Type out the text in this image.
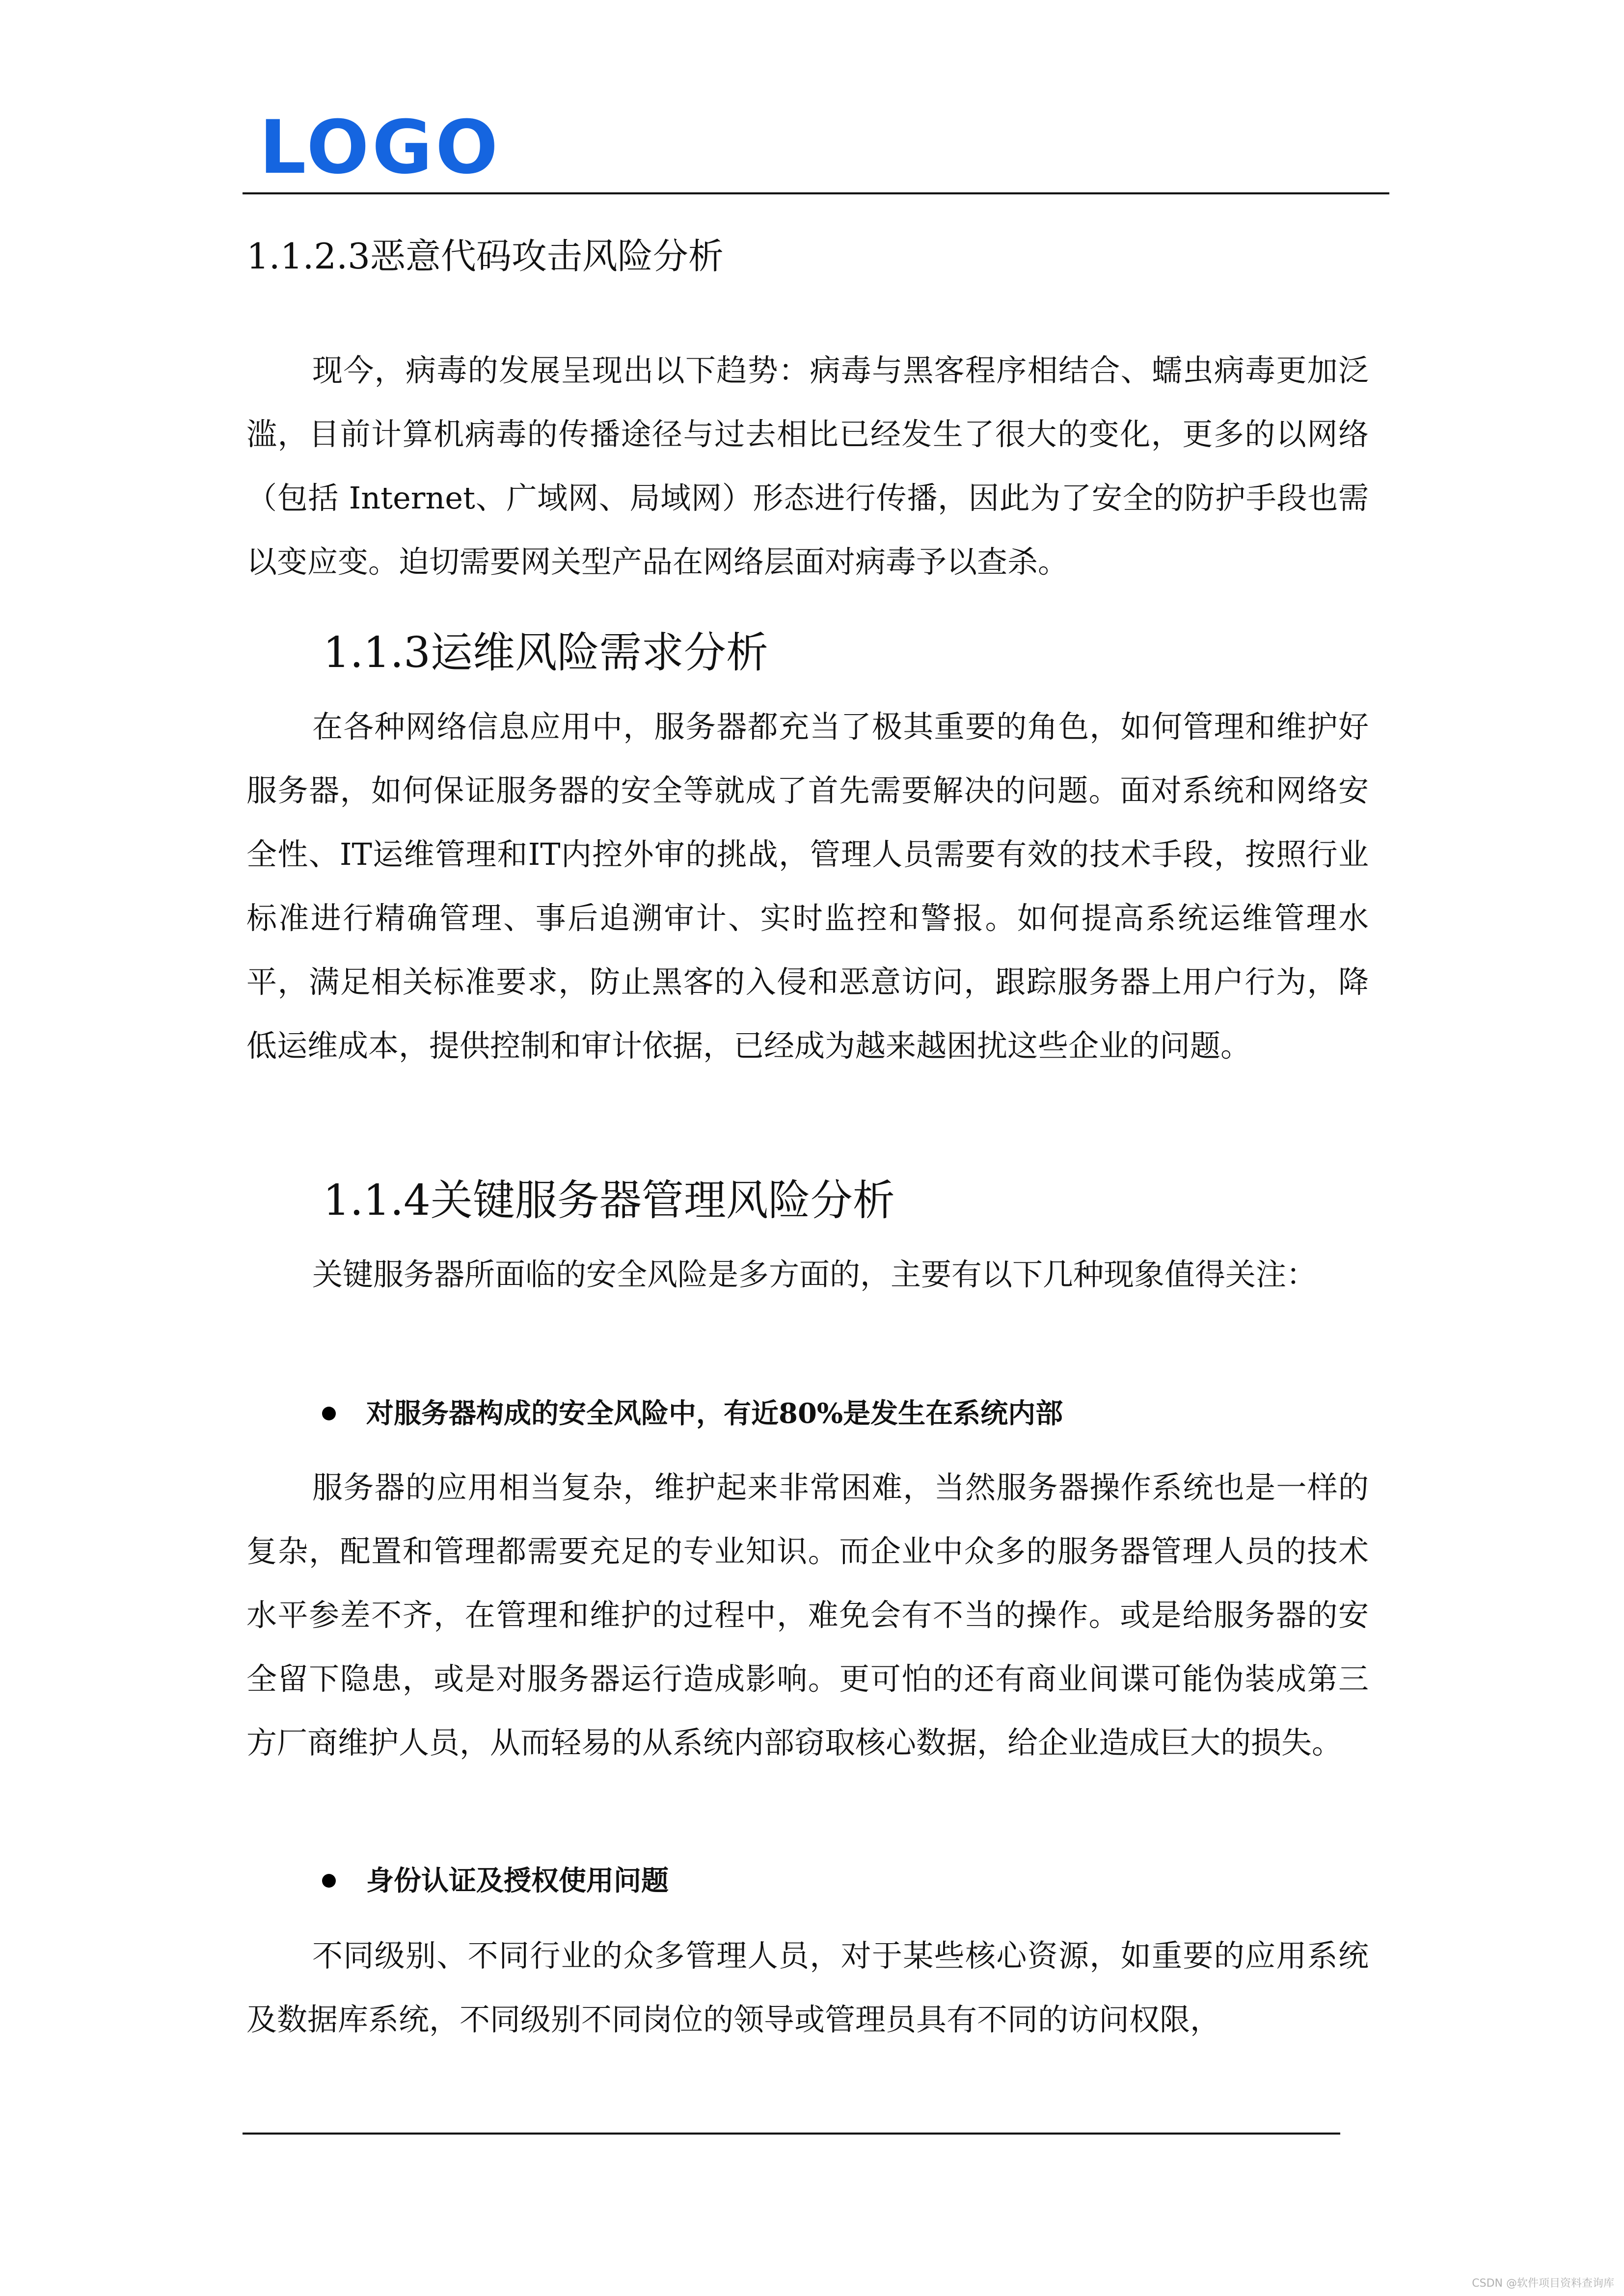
LOGO
1.1.2.3恶意代码攻击风险分析

现今，病毒的发展呈现出以下趋势：病毒与黑客程序相结合、蠕虫病毒更加泛滥，目前计算机病毒的传播途径与过去相比已经发生了很大的变化，更多的以网络（包括 Internet、广域网、局域网）形态进行传播，因此为了安全的防护手段也需以变应变。迫切需要网关型产品在网络层面对病毒予以查杀。

1.1.3运维风险需求分析

在各种网络信息应用中，服务器都充当了极其重要的角色，如何管理和维护好服务器，如何保证服务器的安全等就成了首先需要解决的问题。面对系统和网络安全性、IT运维管理和IT内控外审的挑战，管理人员需要有效的技术手段，按照行业标准进行精确管理、事后追溯审计、实时监控和警报。如何提高系统运维管理水平，满足相关标准要求，防止黑客的入侵和恶意访问，跟踪服务器上用户行为，降低运维成本，提供控制和审计依据，已经成为越来越困扰这些企业的问题。

1.1.4关键服务器管理风险分析

关键服务器所面临的安全风险是多方面的，主要有以下几种现象值得关注：

对服务器构成的安全风险中，有近80%是发生在系统内部

服务器的应用相当复杂，维护起来非常困难，当然服务器操作系统也是一样的复杂，配置和管理都需要充足的专业知识。而企业中众多的服务器管理人员的技术水平参差不齐，在管理和维护的过程中，难免会有不当的操作。或是给服务器的安全留下隐患，或是对服务器运行造成影响。更可怕的还有商业间谍可能伪装成第三方厂商维护人员，从而轻易的从系统内部窃取核心数据，给企业造成巨大的损失。

身份认证及授权使用问题

不同级别、不同行业的众多管理人员，对于某些核心资源，如重要的应用系统及数据库系统，不同级别不同岗位的领导或管理员具有不同的访问权限，

CSDN @软件项目资料查询库
